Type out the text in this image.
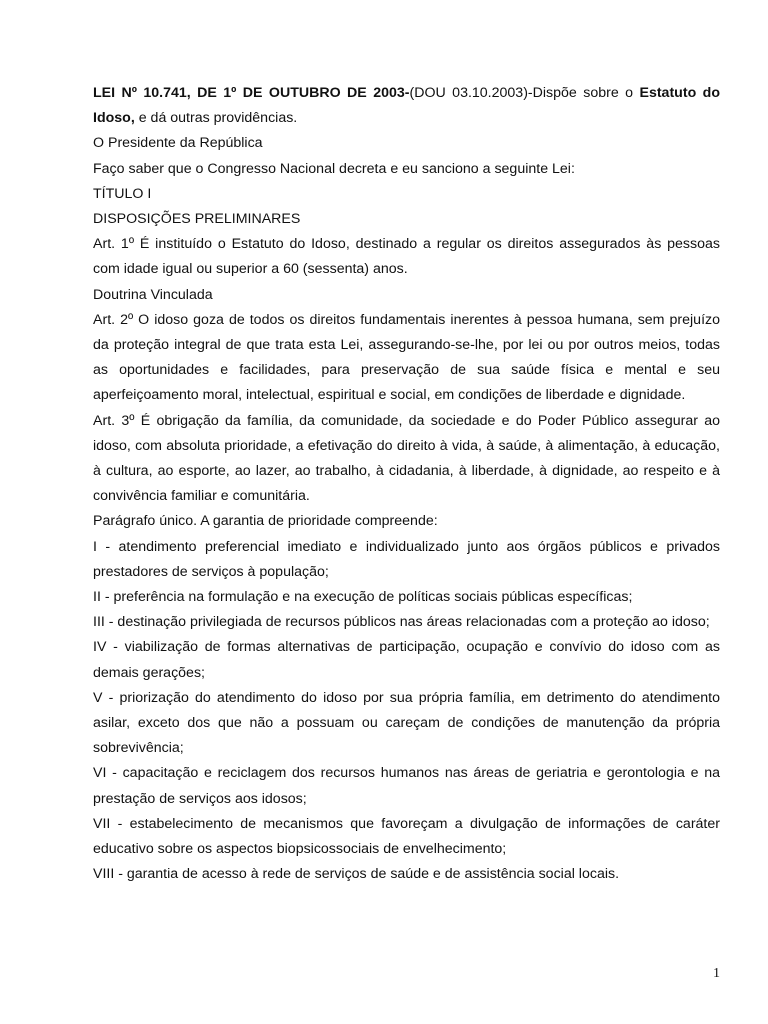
LEI Nº 10.741, DE 1º DE OUTUBRO DE 2003-(DOU 03.10.2003)-Dispõe sobre o Estatuto do Idoso, e dá outras providências.

O Presidente da República

Faço saber que o Congresso Nacional decreta e eu sanciono a seguinte Lei:

TÍTULO I

DISPOSIÇÕES PRELIMINARES

Art. 1º É instituído o Estatuto do Idoso, destinado a regular os direitos assegurados às pessoas com idade igual ou superior a 60 (sessenta) anos.

Doutrina Vinculada

Art. 2º O idoso goza de todos os direitos fundamentais inerentes à pessoa humana, sem prejuízo da proteção integral de que trata esta Lei, assegurando-se-lhe, por lei ou por outros meios, todas as oportunidades e facilidades, para preservação de sua saúde física e mental e seu aperfeiçoamento moral, intelectual, espiritual e social, em condições de liberdade e dignidade.

Art. 3º É obrigação da família, da comunidade, da sociedade e do Poder Público assegurar ao idoso, com absoluta prioridade, a efetivação do direito à vida, à saúde, à alimentação, à educação, à cultura, ao esporte, ao lazer, ao trabalho, à cidadania, à liberdade, à dignidade, ao respeito e à convivência familiar e comunitária.

Parágrafo único. A garantia de prioridade compreende:

I - atendimento preferencial imediato e individualizado junto aos órgãos públicos e privados prestadores de serviços à população;

II - preferência na formulação e na execução de políticas sociais públicas específicas;

III - destinação privilegiada de recursos públicos nas áreas relacionadas com a proteção ao idoso;

IV - viabilização de formas alternativas de participação, ocupação e convívio do idoso com as demais gerações;

V - priorização do atendimento do idoso por sua própria família, em detrimento do atendimento asilar, exceto dos que não a possuam ou careçam de condições de manutenção da própria sobrevivência;

VI - capacitação e reciclagem dos recursos humanos nas áreas de geriatria e gerontologia e na prestação de serviços aos idosos;

VII - estabelecimento de mecanismos que favoreçam a divulgação de informações de caráter educativo sobre os aspectos biopsicossociais de envelhecimento;

VIII - garantia de acesso à rede de serviços de saúde e de assistência social locais.

1
